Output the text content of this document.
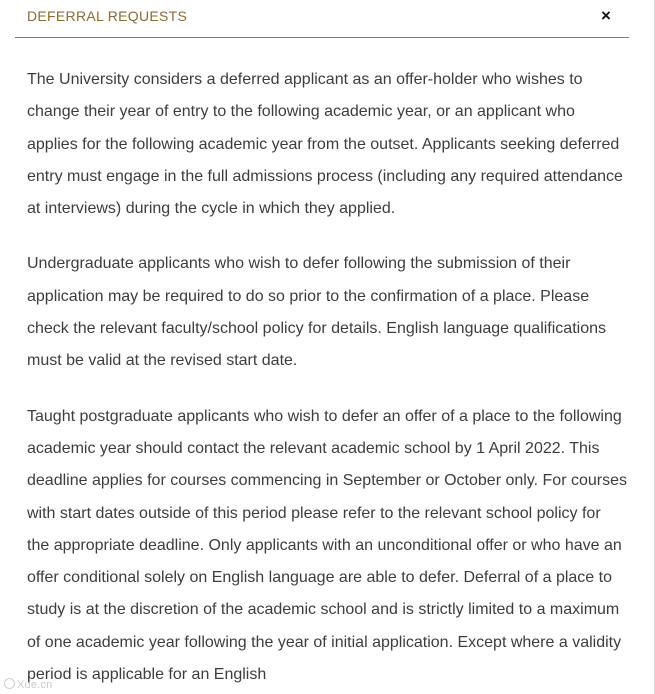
DEFERRAL REQUESTS	×

The University considers a deferred applicant as an offer-holder who wishes to change their year of entry to the following academic year, or an applicant who applies for the following academic year from the outset. Applicants seeking deferred entry must engage in the full admissions process (including any required attendance at interviews) during the cycle in which they applied.

Undergraduate applicants who wish to defer following the submission of their application may be required to do so prior to the confirmation of a place. Please check the relevant faculty/school policy for details. English language qualifications must be valid at the revised start date.

Taught postgraduate applicants who wish to defer an offer of a place to the following academic year should contact the relevant academic school by 1 April 2022. This deadline applies for courses commencing in September or October only. For courses with start dates outside of this period please refer to the relevant school policy for the appropriate deadline. Only applicants with an unconditional offer or who have an offer conditional solely on English language are able to defer. Deferral of a place to study is at the discretion of the academic school and is strictly limited to a maximum of one academic year following the year of initial application. Except where a validity period is applicable for an English

Xue.cn
